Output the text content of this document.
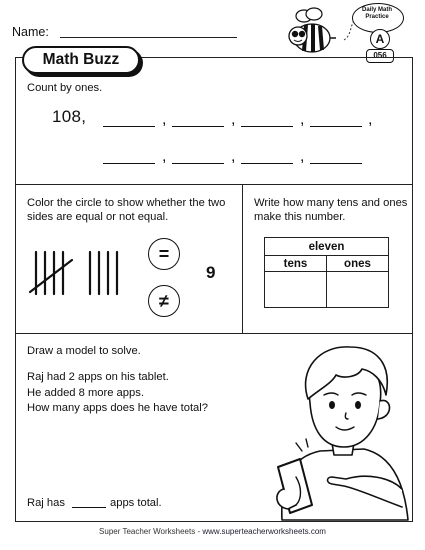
Name:
Daily Math Practice
A
056
Math Buzz
Count by ones.
108,	,	,	,	,
,	,	,
Color the circle to show whether the two sides are equal or not equal.
=
≠
9
Write how many tens and ones make this number.
eleven	
tens	ones

Draw a model to solve.
Raj had 2 apps on his tablet.
He added 8 more apps.
How many apps does he have total?
Raj has	apps total.
Super Teacher Worksheets - www.superteacherworksheets.com
